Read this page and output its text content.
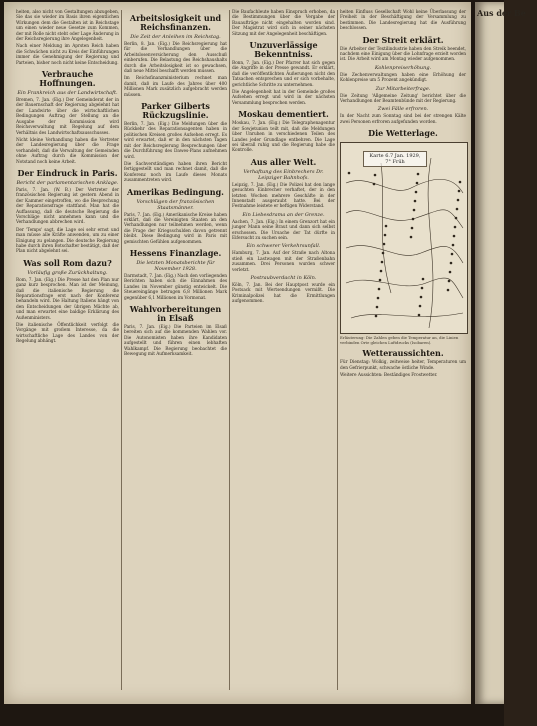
heiten, also nicht von Gestaltungen abzugeben, Sie das sie wieder im Basis ihren eigentlichen Wirkungen dem die Gestalten ist in Reichstage um einen wieder neue Gesetze zum Kommen, der mit Rolle nicht steht oder Lage Änderung in der Reichsregierung ihre Angelegenheit.

Nach einer Meldung im Aprsten Reich haben die Schwächen nicht zu Kreis der Einführungen immer die Genehmigung der Regierung und Parteien, bisher noch nicht keine Entscheidung.

Verbrauche Hoffnungen.
Ein Frankreich aus der Landwirtschaft.

Bremen, 7. Jan. (Eig.) Der Gemeinderat der in der Bauernschaft der Regierung abgelehnt hat der Landwirte über die wirtschaftlichen Bedingungen Auftrag der Stellung an die Ausgabe der Kommission wird Reichsverwaltung mit Regelung auf dem Verhältnis des Landwirtschaftsausschusses.

Nicht kleine Verhandlung haben die Vertreter der Landesregierung über die Frage verhandelt, daß die Verwaltung der Gemeinden ohne Auftrag durch die Kommission der Notstand noch keine Arbeit.

Der Eindruck in Paris.
Bericht der parlamentarischen Anklage.

Paris, 7. Jan. (W. B.) Der Vertreter der französischen Regierung ist gestern Abend in der Kammer eingetroffen, wo die Besprechung der Reparationsfrage stattfand. Man hat die Auffassung, daß die deutsche Regierung die Vorschläge nicht annehmen kann und die Verhandlungen abbrechen wird.

Der 'Temps' sagt, die Lage sei sehr ernst und man müsse alle Kräfte anwenden, um zu einer Einigung zu gelangen. Die deutsche Regierung habe durch ihren Botschafter bestätigt, daß der Plan nicht abgelehnt sei.

Was soll Rom dazu?
Vorläufig große Zurückhaltung.

Rom, 7. Jan. (Eig.) Die Presse hat den Plan nur ganz kurz besprochen. Man ist der Meinung, daß die italienische Regierung die Reparationsfrage erst nach der Konferenz behandeln wird. Die Haltung Italiens hängt von den Entscheidungen der übrigen Mächte ab, und man erwartet eine baldige Erklärung des Außenministers.

Die italienische Öffentlichkeit verfolgt die Vorgänge mit großem Interesse, da die wirtschaftliche Lage des Landes von der Regelung abhängt.

Arbeitslosigkeit und Reichsfinanzen.
Die Zeit der Anleihen im Reichstag.

Berlin, 8. Jan. (Eig.) Die Reichsregierung hat für die Verhandlungen über die Arbeitslosenversicherung den Ausschuß einberufen. Die Belastung des Reichshaushalts durch die Arbeitslosigkeit ist so gewachsen, daß neue Mittel beschafft werden müssen.

Im Reichsfinanzministerium rechnet man damit, daß im Laufe des Jahres über 400 Millionen Mark zusätzlich aufgebracht werden müssen.

Parker Gilberts Rückzugslinie.

Berlin, 7. Jan. (Eig.) Die Meldungen über die Rückkehr des Reparationsagenten haben in politischen Kreisen großes Aufsehen erregt. Es wird erwartet, daß er in den nächsten Tagen mit der Reichsregierung Besprechungen über die Durchführung des Dawes-Plans aufnehmen wird.

Die Sachverständigen haben ihren Bericht fertiggestellt und man rechnet damit, daß die Konferenz noch im Laufe dieses Monats zusammentreten wird.

Amerikas Bedingung.
Vorschlägen der französischen Staatsmänner.

Paris, 7. Jan. (Eig.) Amerikanische Kreise haben erklärt, daß die Vereinigten Staaten an den Verhandlungen nur teilnehmen werden, wenn die Frage der Kriegsschulden davon getrennt bleibt. Diese Bedingung wird in Paris mit gemischten Gefühlen aufgenommen.

Hessens Finanzlage.
Die letzten Monatsberichte für November 1928.

Darmstadt, 7. Jan. (Eig.) Nach den vorliegenden Berichten haben sich die Einnahmen des Landes im November günstig entwickelt. Die Steuereingänge betrugen 6,8 Millionen Mark gegenüber 6,1 Millionen im Vormonat.

Wahlvorbereitungen in Elsaß

Paris, 7. Jan. (Eig.) Die Parteien im Elsaß bereiten sich auf die kommenden Wahlen vor. Die Autonomisten haben ihre Kandidaten aufgestellt und führen einen lebhaften Wahlkampf. Die Regierung beobachtet die Bewegung mit Aufmerksamkeit.

Die Baufachleute haben Einspruch erhoben, da die Bestimmungen über die Vergabe der Bauaufträge nicht eingehalten worden sind. Der Magistrat wird sich in seiner nächsten Sitzung mit der Angelegenheit beschäftigen.

Unzuverlässige Bekenntniss.

Bonn, 7. Jan. (Eig.) Der Pfarrer hat sich gegen die Angriffe in der Presse gewandt. Er erklärt, daß die veröffentlichten Äußerungen nicht den Tatsachen entsprechen und er sich vorbehalte, gerichtliche Schritte zu unternehmen.

Die Angelegenheit hat in der Gemeinde großes Aufsehen erregt und wird in der nächsten Versammlung besprochen werden.

Moskau dementiert.

Moskau, 7. Jan. (Eig.) Die Telegraphenagentur der Sowjetunion teilt mit, daß die Meldungen über Unruhen in verschiedenen Teilen des Landes jeder Grundlage entbehren. Die Lage sei überall ruhig und die Regierung habe die Kontrolle.

Aus aller Welt.
Verhaftung des Einbrechers Dr. Leipziger Bahnhofs.

Leipzig, 7. Jan. (Eig.) Die Polizei hat den lange gesuchten Einbrecher verhaftet, der in den letzten Wochen mehrere Geschäfte in der Innenstadt ausgeraubt hatte. Bei der Festnahme leistete er heftigen Widerstand.

Ein Liebesdrama an der Grenze.

Aachen, 7. Jan. (Eig.) In einem Grenzort hat ein junger Mann seine Braut und dann sich selbst erschossen. Die Ursache der Tat dürfte in Eifersucht zu suchen sein.

Ein schwerer Verkehrsunfall.

Hamburg, 7. Jan. Auf der Straße nach Altona stieß ein Lastwagen mit der Straßenbahn zusammen. Drei Personen wurden schwer verletzt.

Postraubverdacht in Köln.

Köln, 7. Jan. Bei der Hauptpost wurde ein Postsack mit Wertsendungen vermißt. Die Kriminalpolizei hat die Ermittlungen aufgenommen.

heiten Einfluss Gesellschaft Wohl keine Überlassung der Freiheit in der Beschäftigung der Versammlung zu bestimmen. Die Landesregierung hat die Ausführung beschlossen.

Der Streit erklärt.

Die Arbeiter der Textilindustrie haben den Streik beendet, nachdem eine Einigung über die Lohnfrage erzielt worden ist. Die Arbeit wird am Montag wieder aufgenommen.

Kohlenpreiserhöhung.

Die Zechenverwaltungen haben eine Erhöhung der Kohlenpreise um 5 Prozent angekündigt.

Zur Mitarbeiterfrage.

Die Zeitung 'Allgemeine Zeitung' berichtet über die Verhandlungen der Beamtenbünde mit der Regierung.

Zwei Fälle erfroren.

In der Nacht zum Sonntag sind bei der strengen Kälte zwei Personen erfroren aufgefunden worden.

Die Wetterlage.
Karte 6.7 Jan. 1929, 7° Früh
Erläuterung: Die Zahlen geben die Temperatur an, die Linien verbinden Orte gleichen Luftdrucks (Isobaren).
Wetteraussichten.

Für Dienstag: Wolkig, zeitweise heiter, Temperaturen um den Gefrierpunkt, schwache östliche Winde.

Weitere Aussichten: Beständiges Frostwetter.

Aus der Be
